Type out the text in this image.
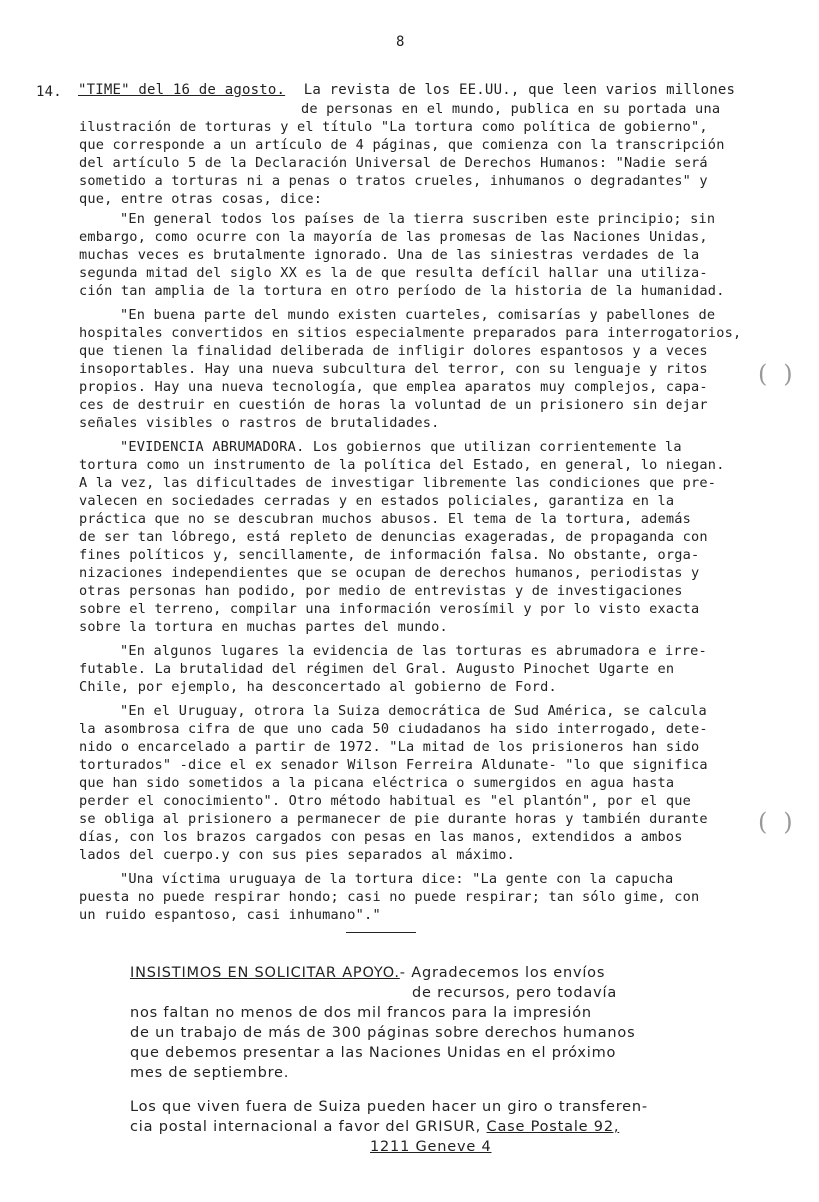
8
14. "TIME" del 16 de agosto. La revista de los EE.UU., que leen varios millones
de personas en el mundo, publica en su portada una
ilustración de torturas y el título "La tortura como política de gobierno",
que corresponde a un artículo de 4 páginas, que comienza con la transcripción
del artículo 5 de la Declaración Universal de Derechos Humanos: "Nadie será
sometido a torturas ni a penas o tratos crueles, inhumanos o degradantes" y
que, entre otras cosas, dice:
"En general todos los países de la tierra suscriben este principio; sin
embargo, como ocurre con la mayoría de las promesas de las Naciones Unidas,
muchas veces es brutalmente ignorado. Una de las siniestras verdades de la
segunda mitad del siglo XX es la de que resulta defícil hallar una utiliza-
ción tan amplia de la tortura en otro período de la historia de la humanidad.
"En buena parte del mundo existen cuarteles, comisarías y pabellones de
hospitales convertidos en sitios especialmente preparados para interrogatorios,
que tienen la finalidad deliberada de infligir dolores espantosos y a veces
insoportables. Hay una nueva subcultura del terror, con su lenguaje y ritos
propios. Hay una nueva tecnología, que emplea aparatos muy complejos, capa-
ces de destruir en cuestión de horas la voluntad de un prisionero sin dejar
señales visibles o rastros de brutalidades.
"EVIDENCIA ABRUMADORA. Los gobiernos que utilizan corrientemente la
tortura como un instrumento de la política del Estado, en general, lo niegan.
A la vez, las dificultades de investigar libremente las condiciones que pre-
valecen en sociedades cerradas y en estados policiales, garantiza en la
práctica que no se descubran muchos abusos. El tema de la tortura, además
de ser tan lóbrego, está repleto de denuncias exageradas, de propaganda con
fines políticos y, sencillamente, de información falsa. No obstante, orga-
nizaciones independientes que se ocupan de derechos humanos, periodistas y
otras personas han podido, por medio de entrevistas y de investigaciones
sobre el terreno, compilar una información verosímil y por lo visto exacta
sobre la tortura en muchas partes del mundo.
"En algunos lugares la evidencia de las torturas es abrumadora e irre-
futable. La brutalidad del régimen del Gral. Augusto Pinochet Ugarte en
Chile, por ejemplo, ha desconcertado al gobierno de Ford.
"En el Uruguay, otrora la Suiza democrática de Sud América, se calcula
la asombrosa cifra de que uno cada 50 ciudadanos ha sido interrogado, dete-
nido o encarcelado a partir de 1972. "La mitad de los prisioneros han sido
torturados" -dice el ex senador Wilson Ferreira Aldunate- "lo que significa
que han sido sometidos a la picana eléctrica o sumergidos en agua hasta
perder el conocimiento". Otro método habitual es "el plantón", por el que
se obliga al prisionero a permanecer de pie durante horas y también durante
días, con los brazos cargados con pesas en las manos, extendidos a ambos
lados del cuerpo.y con sus pies separados al máximo.
"Una víctima uruguaya de la tortura dice: "La gente con la capucha
puesta no puede respirar hondo; casi no puede respirar; tan sólo gime, con
un ruido espantoso, casi inhumano"."
(  )
(  )
INSISTIMOS EN SOLICITAR APOYO.- Agradecemos los envíos
de recursos, pero todavía
nos faltan no menos de dos mil francos para la impresión
de un trabajo de más de 300 páginas sobre derechos humanos
que debemos presentar a las Naciones Unidas en el próximo
mes de septiembre.
Los que viven fuera de Suiza pueden hacer un giro o transferen-
cia postal internacional a favor del GRISUR, Case Postale 92,
1211 Geneve 4
